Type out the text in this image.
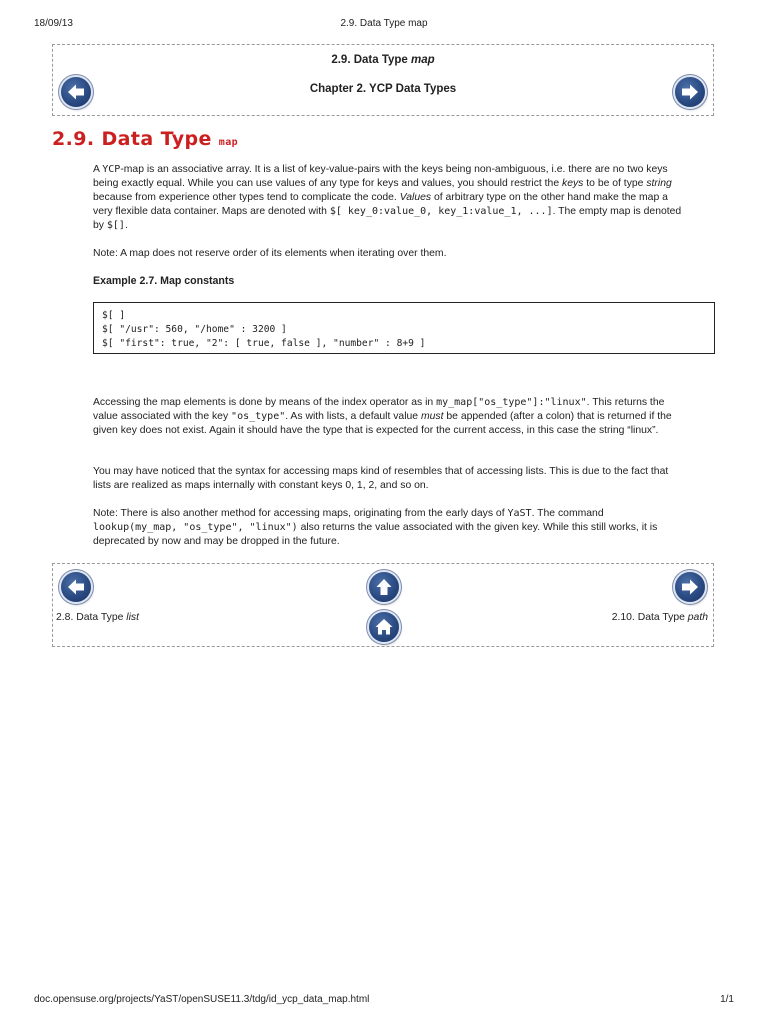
18/09/13	2.9. Data Type map
2.9. Data Type map
Chapter 2. YCP Data Types
2.9. Data Type map
A YCP-map is an associative array. It is a list of key-value-pairs with the keys being non-ambiguous, i.e. there are no two keys being exactly equal. While you can use values of any type for keys and values, you should restrict the keys to be of type string because from experience other types tend to complicate the code. Values of arbitrary type on the other hand make the map a very flexible data container. Maps are denoted with $[ key_0:value_0, key_1:value_1, ...]. The empty map is denoted by $[].
Note: A map does not reserve order of its elements when iterating over them.
Example 2.7. Map constants
$[ ]
$[ "/usr": 560, "/home" : 3200 ]
$[ "first": true, "2": [ true, false ], "number" : 8+9 ]
Accessing the map elements is done by means of the index operator as in my_map["os_type"]:"linux". This returns the value associated with the key "os_type". As with lists, a default value must be appended (after a colon) that is returned if the given key does not exist. Again it should have the type that is expected for the current access, in this case the string “linux”.
You may have noticed that the syntax for accessing maps kind of resembles that of accessing lists. This is due to the fact that lists are realized as maps internally with constant keys 0, 1, 2, and so on.
Note: There is also another method for accessing maps, originating from the early days of YaST. The command lookup(my_map, "os_type", "linux") also returns the value associated with the given key. While this still works, it is deprecated by now and may be dropped in the future.
2.8. Data Type list	2.10. Data Type path
doc.opensuse.org/projects/YaST/openSUSE11.3/tdg/id_ycp_data_map.html	1/1
